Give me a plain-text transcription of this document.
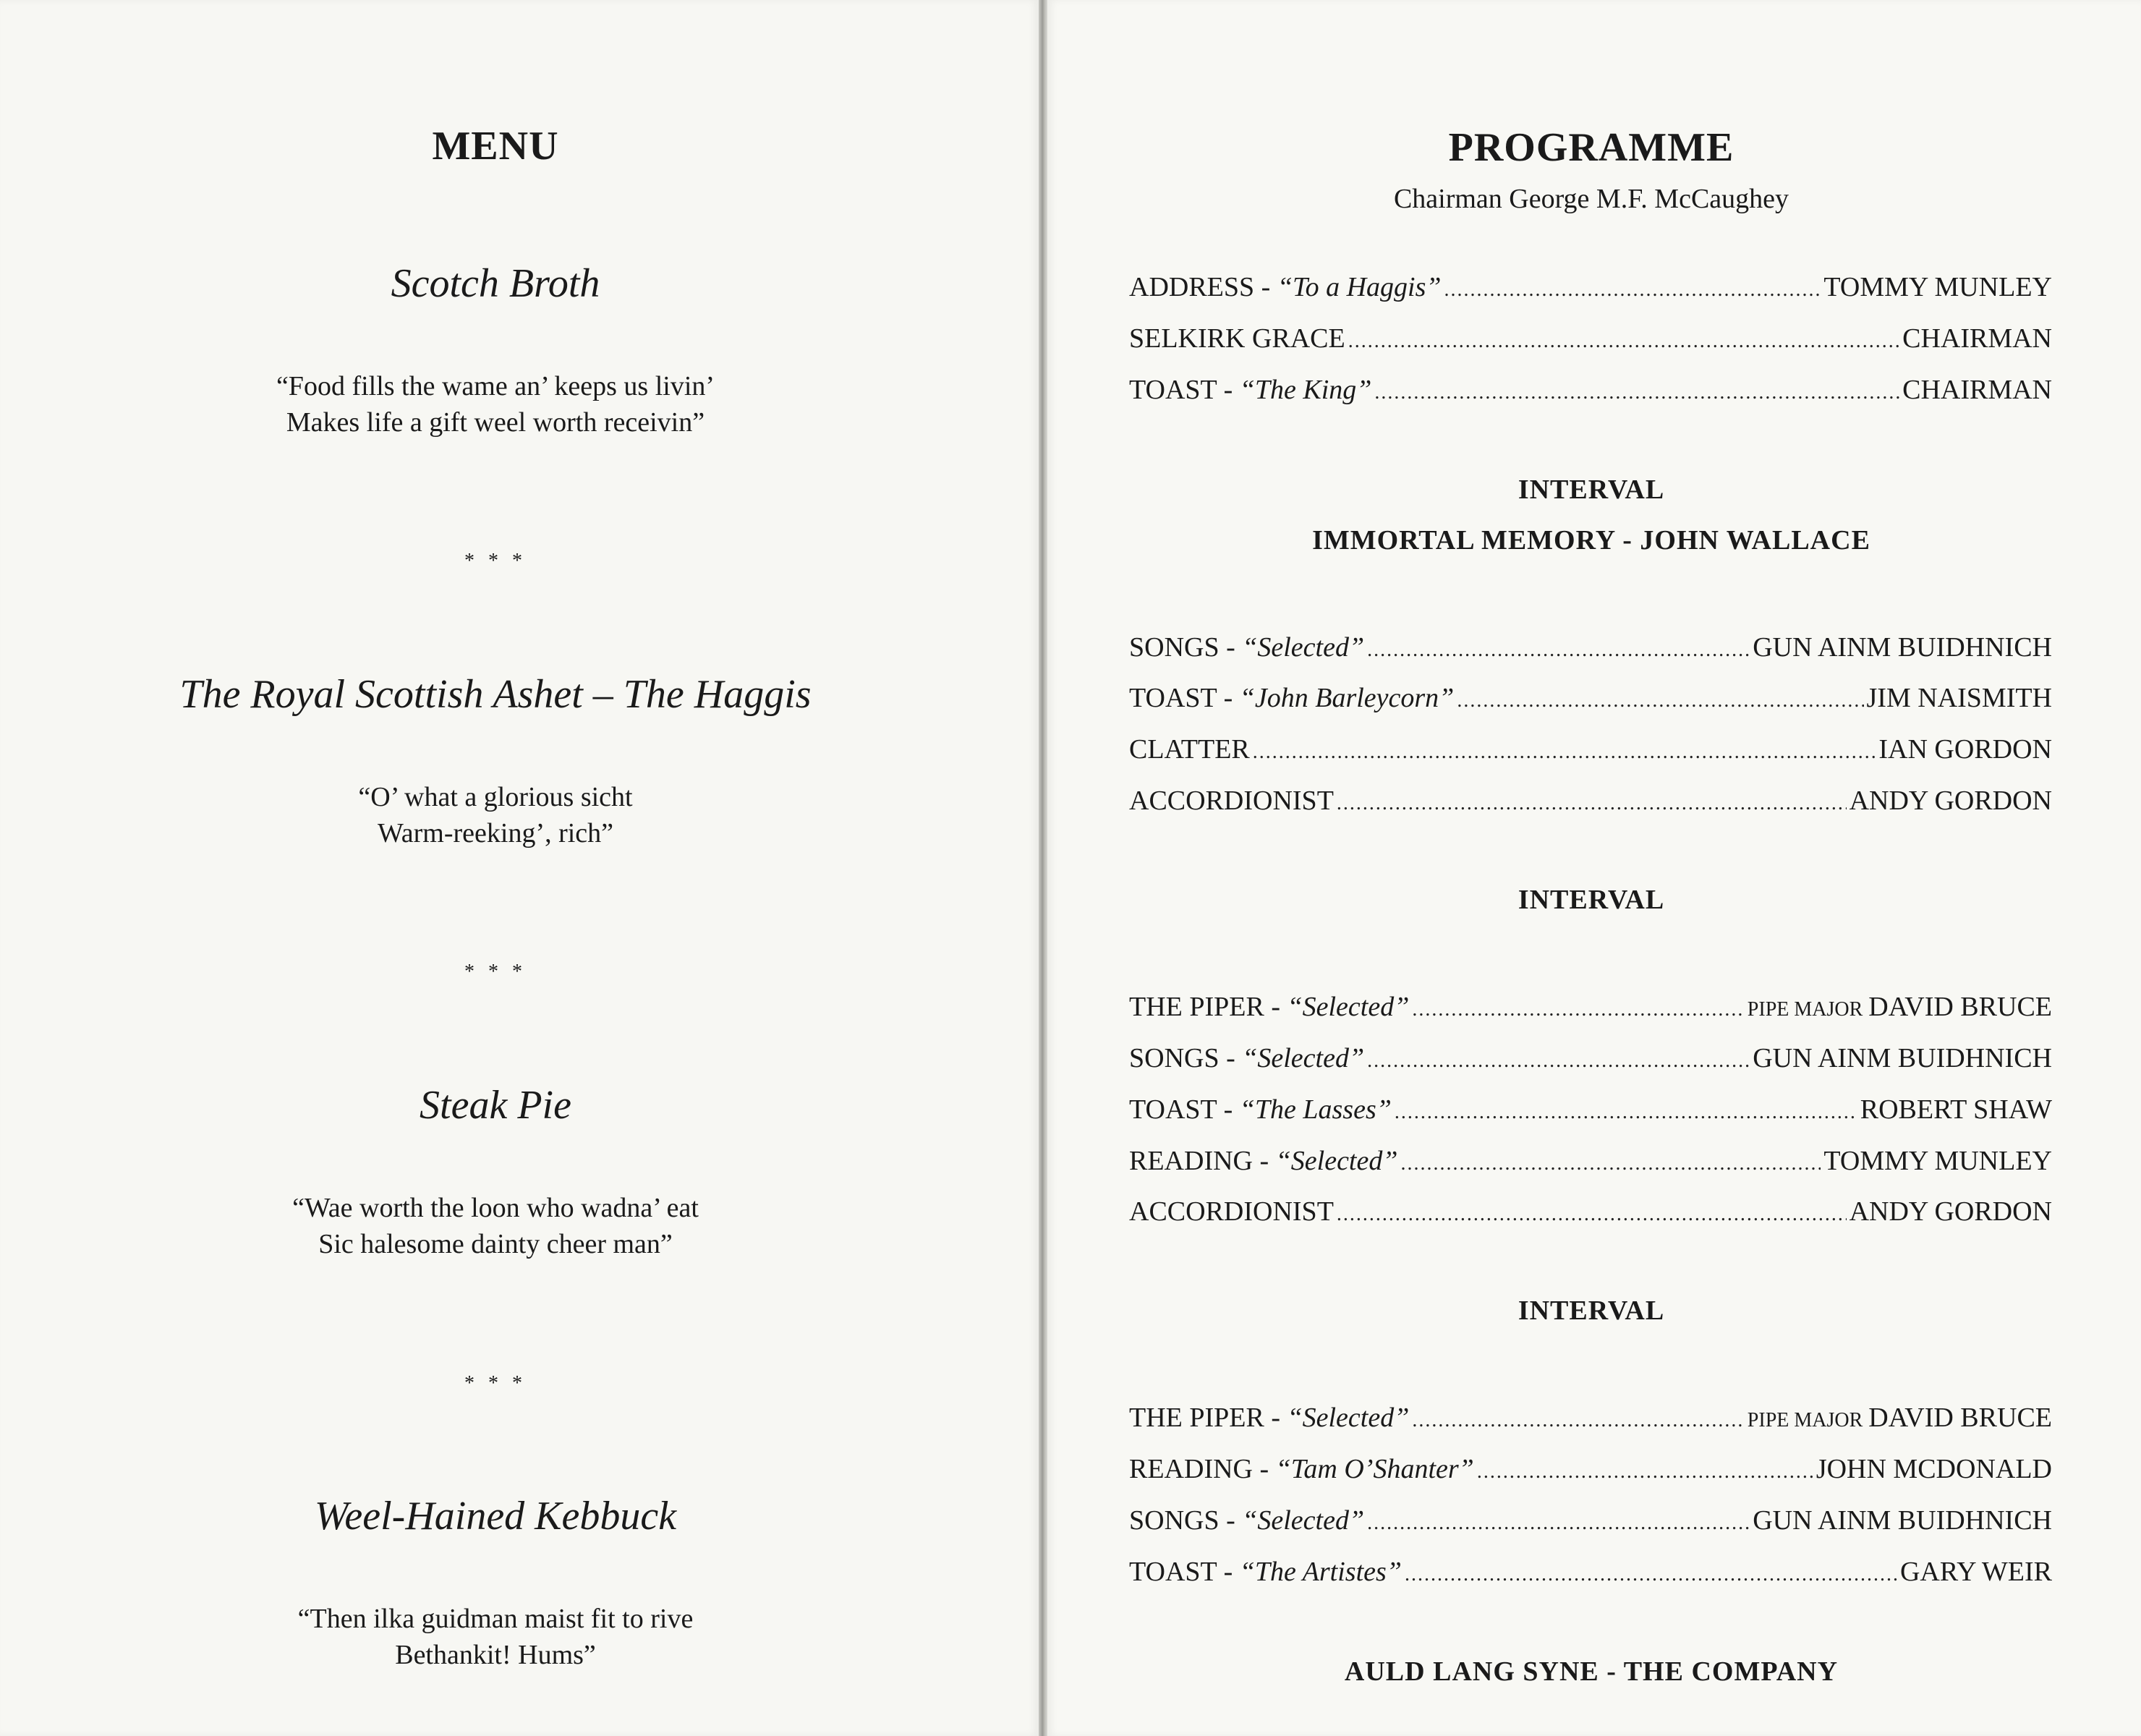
MENU
Scotch Broth
“Food fills the wame an’ keeps us livin’
Makes life a gift weel worth receivin”
* * *
The Royal Scottish Ashet – The Haggis
“O’ what a glorious sicht
Warm-reeking’, rich”
* * *
Steak Pie
“Wae worth the loon who wadna’ eat
Sic halesome dainty cheer man”
* * *
Weel-Hained Kebbuck
“Then ilka guidman maist fit to rive
Bethankit! Hums”
PROGRAMME
Chairman George M.F. McCaughey
ADDRESS - “To a Haggis” .....	TOMMY MUNLEY
SELKIRK GRACE .....	CHAIRMAN
TOAST - “The King” .....	CHAIRMAN
SONGS - “Selected” .....	GUN AINM BUIDHNICH
TOAST - “John Barleycorn” .....	JIM NAISMITH
CLATTER .....	IAN GORDON
ACCORDIONIST .....	ANDY GORDON
THE PIPER - “Selected” .....	PIPE MAJOR DAVID BRUCE
SONGS - “Selected” .....	GUN AINM BUIDHNICH
TOAST - “The Lasses” .....	ROBERT SHAW
READING - “Selected” .....	TOMMY MUNLEY
ACCORDIONIST .....	ANDY GORDON
THE PIPER - “Selected” .....	PIPE MAJOR DAVID BRUCE
READING - “Tam O’Shanter” .....	JOHN MCDONALD
SONGS - “Selected” .....	GUN AINM BUIDHNICH
TOAST - “The Artistes” .....	GARY WEIR
INTERVAL
IMMORTAL MEMORY - JOHN WALLACE
INTERVAL
INTERVAL
AULD LANG SYNE - THE COMPANY
